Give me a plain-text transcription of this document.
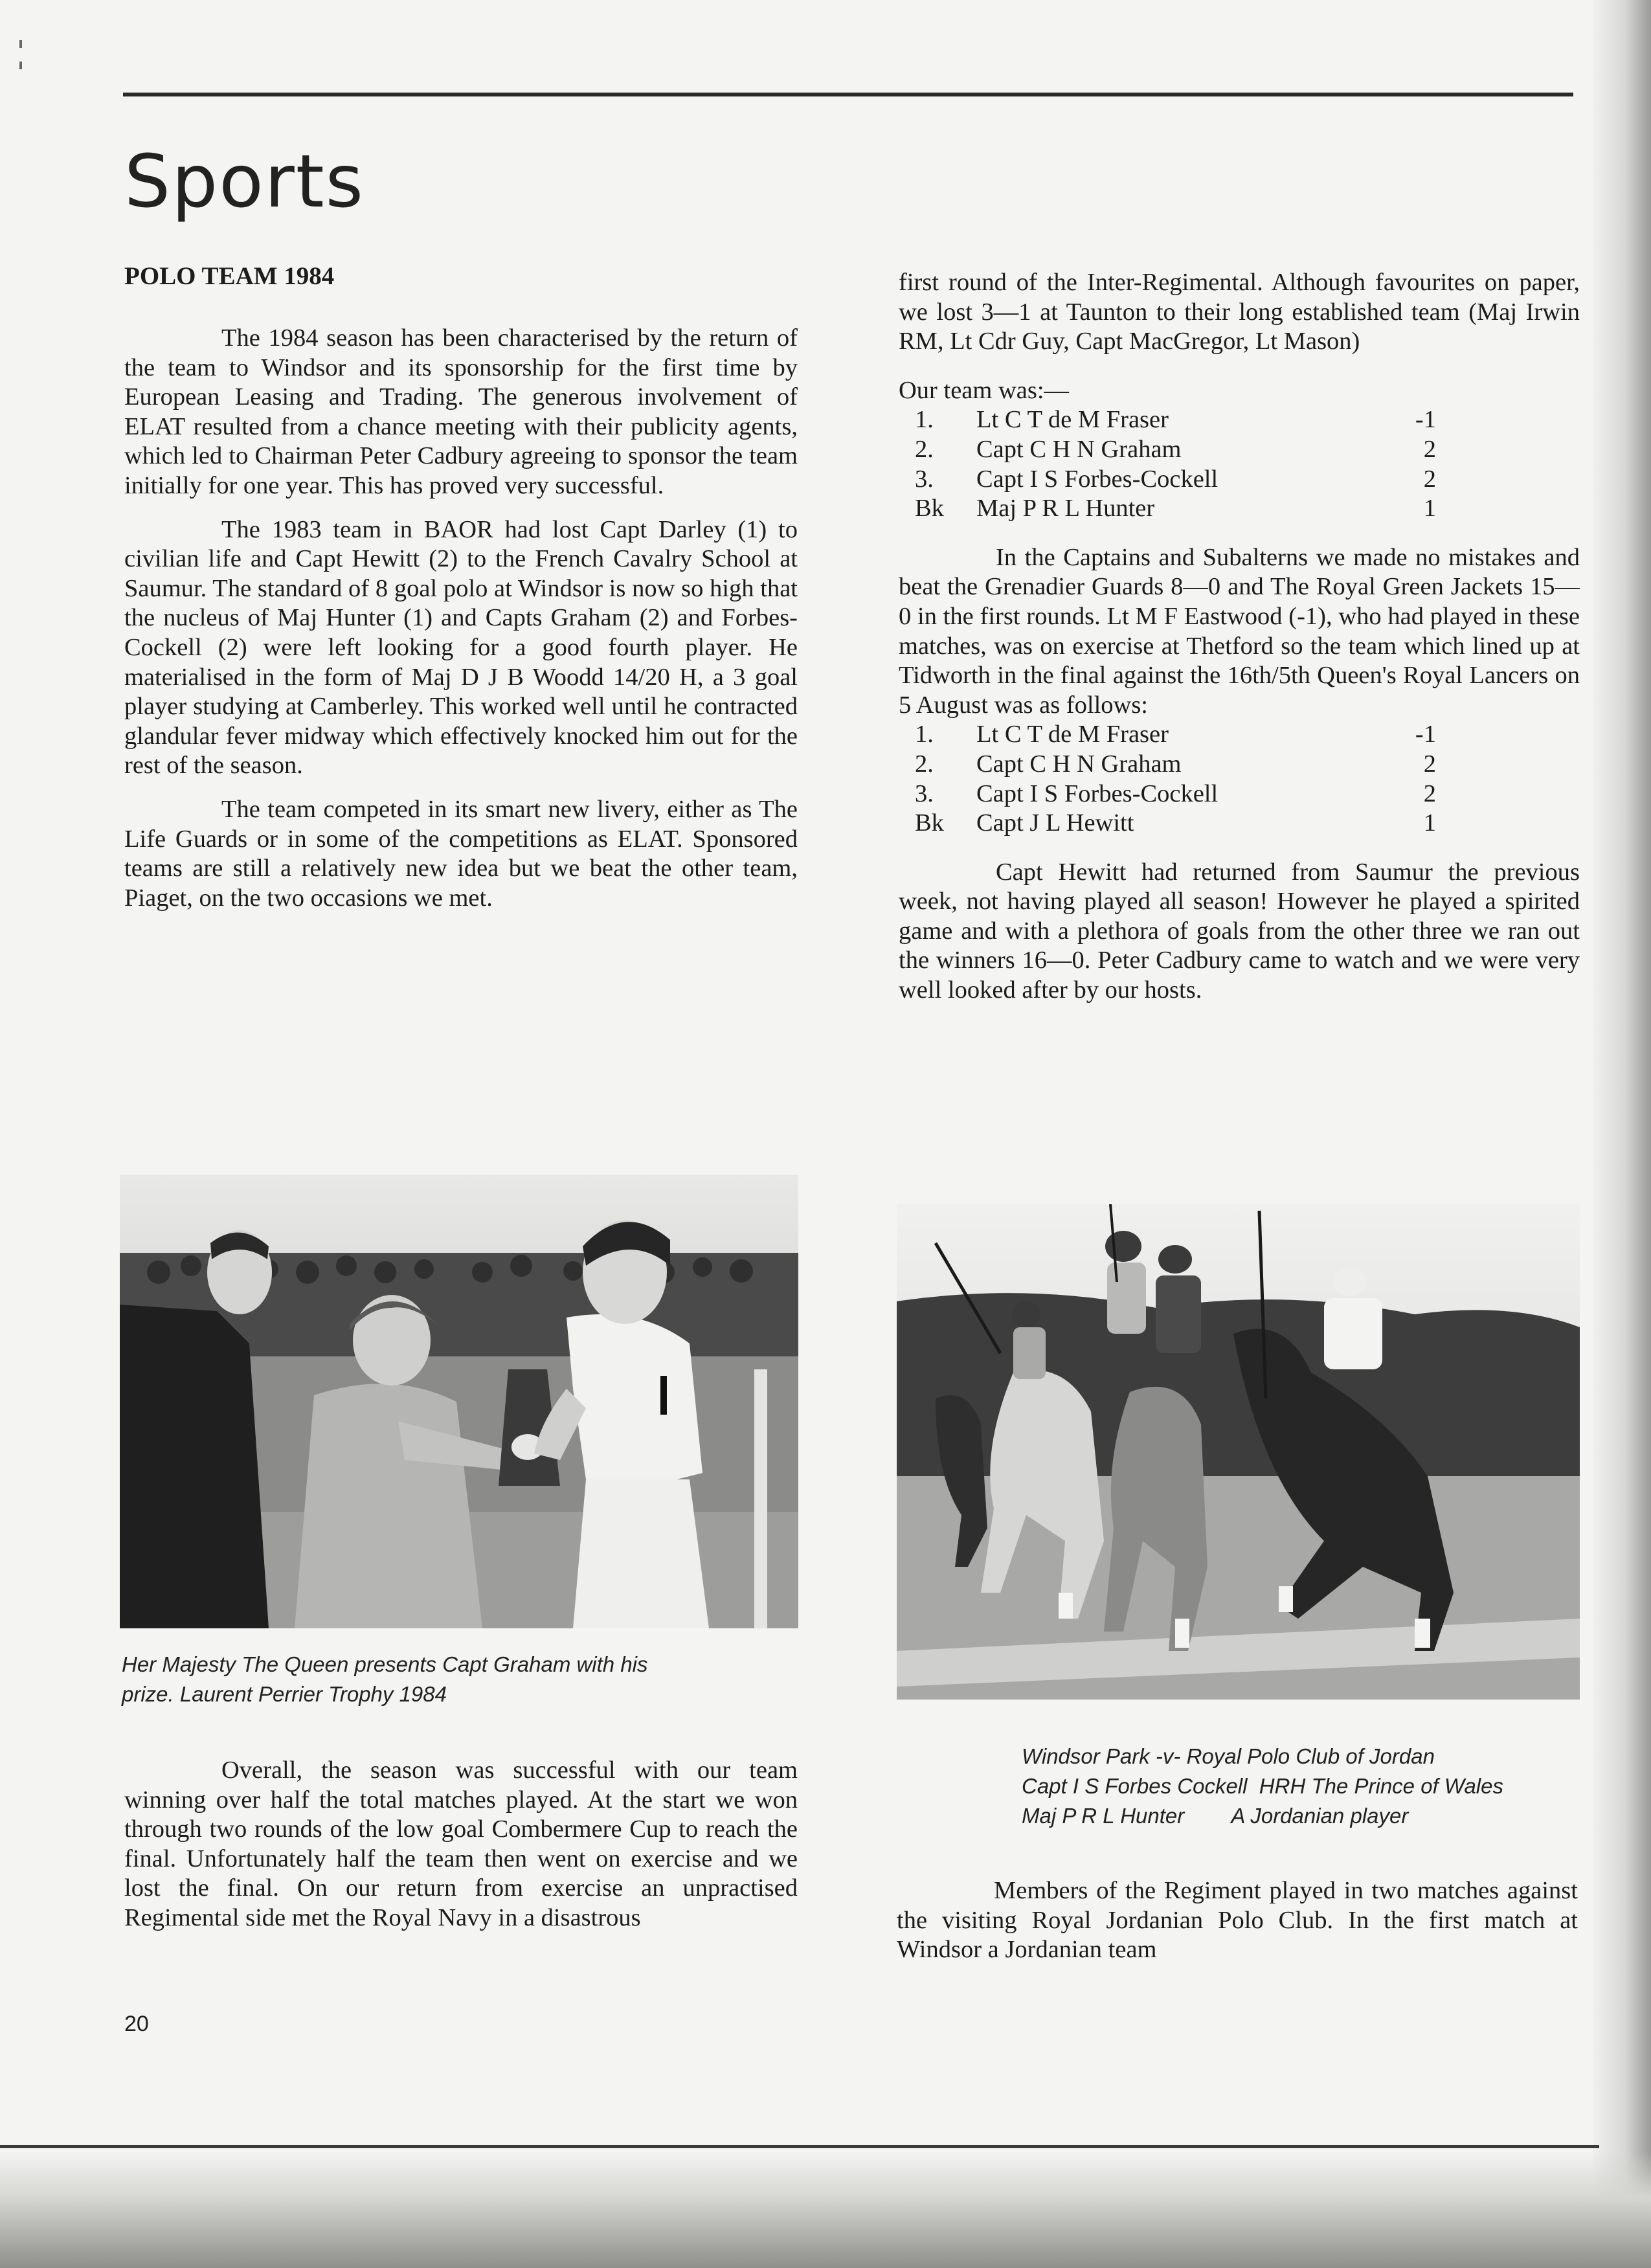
Sports
POLO TEAM 1984

The 1984 season has been characterised by the return of the team to Windsor and its sponsorship for the first time by European Leasing and Trading. The generous involvement of ELAT resulted from a chance meeting with their publicity agents, which led to Chairman Peter Cadbury agreeing to sponsor the team initially for one year. This has proved very successful.

The 1983 team in BAOR had lost Capt Darley (1) to civilian life and Capt Hewitt (2) to the French Cavalry School at Saumur. The standard of 8 goal polo at Windsor is now so high that the nucleus of Maj Hunter (1) and Capts Graham (2) and Forbes-Cockell (2) were left looking for a good fourth player. He materialised in the form of Maj D J B Woodd 14/20 H, a 3 goal player studying at Camberley. This worked well until he contracted glandular fever midway which effectively knocked him out for the rest of the season.

The team competed in its smart new livery, either as The Life Guards or in some of the competitions as ELAT. Sponsored teams are still a relatively new idea but we beat the other team, Piaget, on the two occasions we met.

first round of the Inter-Regimental. Although favourites on paper, we lost 3—1 at Taunton to their long established team (Maj Irwin RM, Lt Cdr Guy, Capt MacGregor, Lt Mason)

Our team was:—

1.	Lt C T de M Fraser	-1
2.	Capt C H N Graham	2
3.	Capt I S Forbes-Cockell	2
Bk	Maj P R L Hunter	1

In the Captains and Subalterns we made no mistakes and beat the Grenadier Guards 8—0 and The Royal Green Jackets 15—0 in the first rounds. Lt M F Eastwood (-1), who had played in these matches, was on exercise at Thetford so the team which lined up at Tidworth in the final against the 16th/5th Queen's Royal Lancers on 5 August was as follows:

1.	Lt C T de M Fraser	-1
2.	Capt C H N Graham	2
3.	Capt I S Forbes-Cockell	2
Bk	Capt J L Hewitt	1

Capt Hewitt had returned from Saumur the previous week, not having played all season! However he played a spirited game and with a plethora of goals from the other three we ran out the winners 16—0. Peter Cadbury came to watch and we were very well looked after by our hosts.

Her Majesty The Queen presents Capt Graham with his
prize. Laurent Perrier Trophy 1984
Windsor Park -v- Royal Polo Club of Jordan
Capt I S Forbes Cockell  HRH The Prince of Wales
Maj P R L Hunter        A Jordanian player

Overall, the season was successful with our team winning over half the total matches played. At the start we won through two rounds of the low goal Combermere Cup to reach the final. Unfortunately half the team then went on exercise and we lost the final. On our return from exercise an unpractised Regimental side met the Royal Navy in a disastrous

Members of the Regiment played in two matches against the visiting Royal Jordanian Polo Club. In the first match at Windsor a Jordanian team

20
